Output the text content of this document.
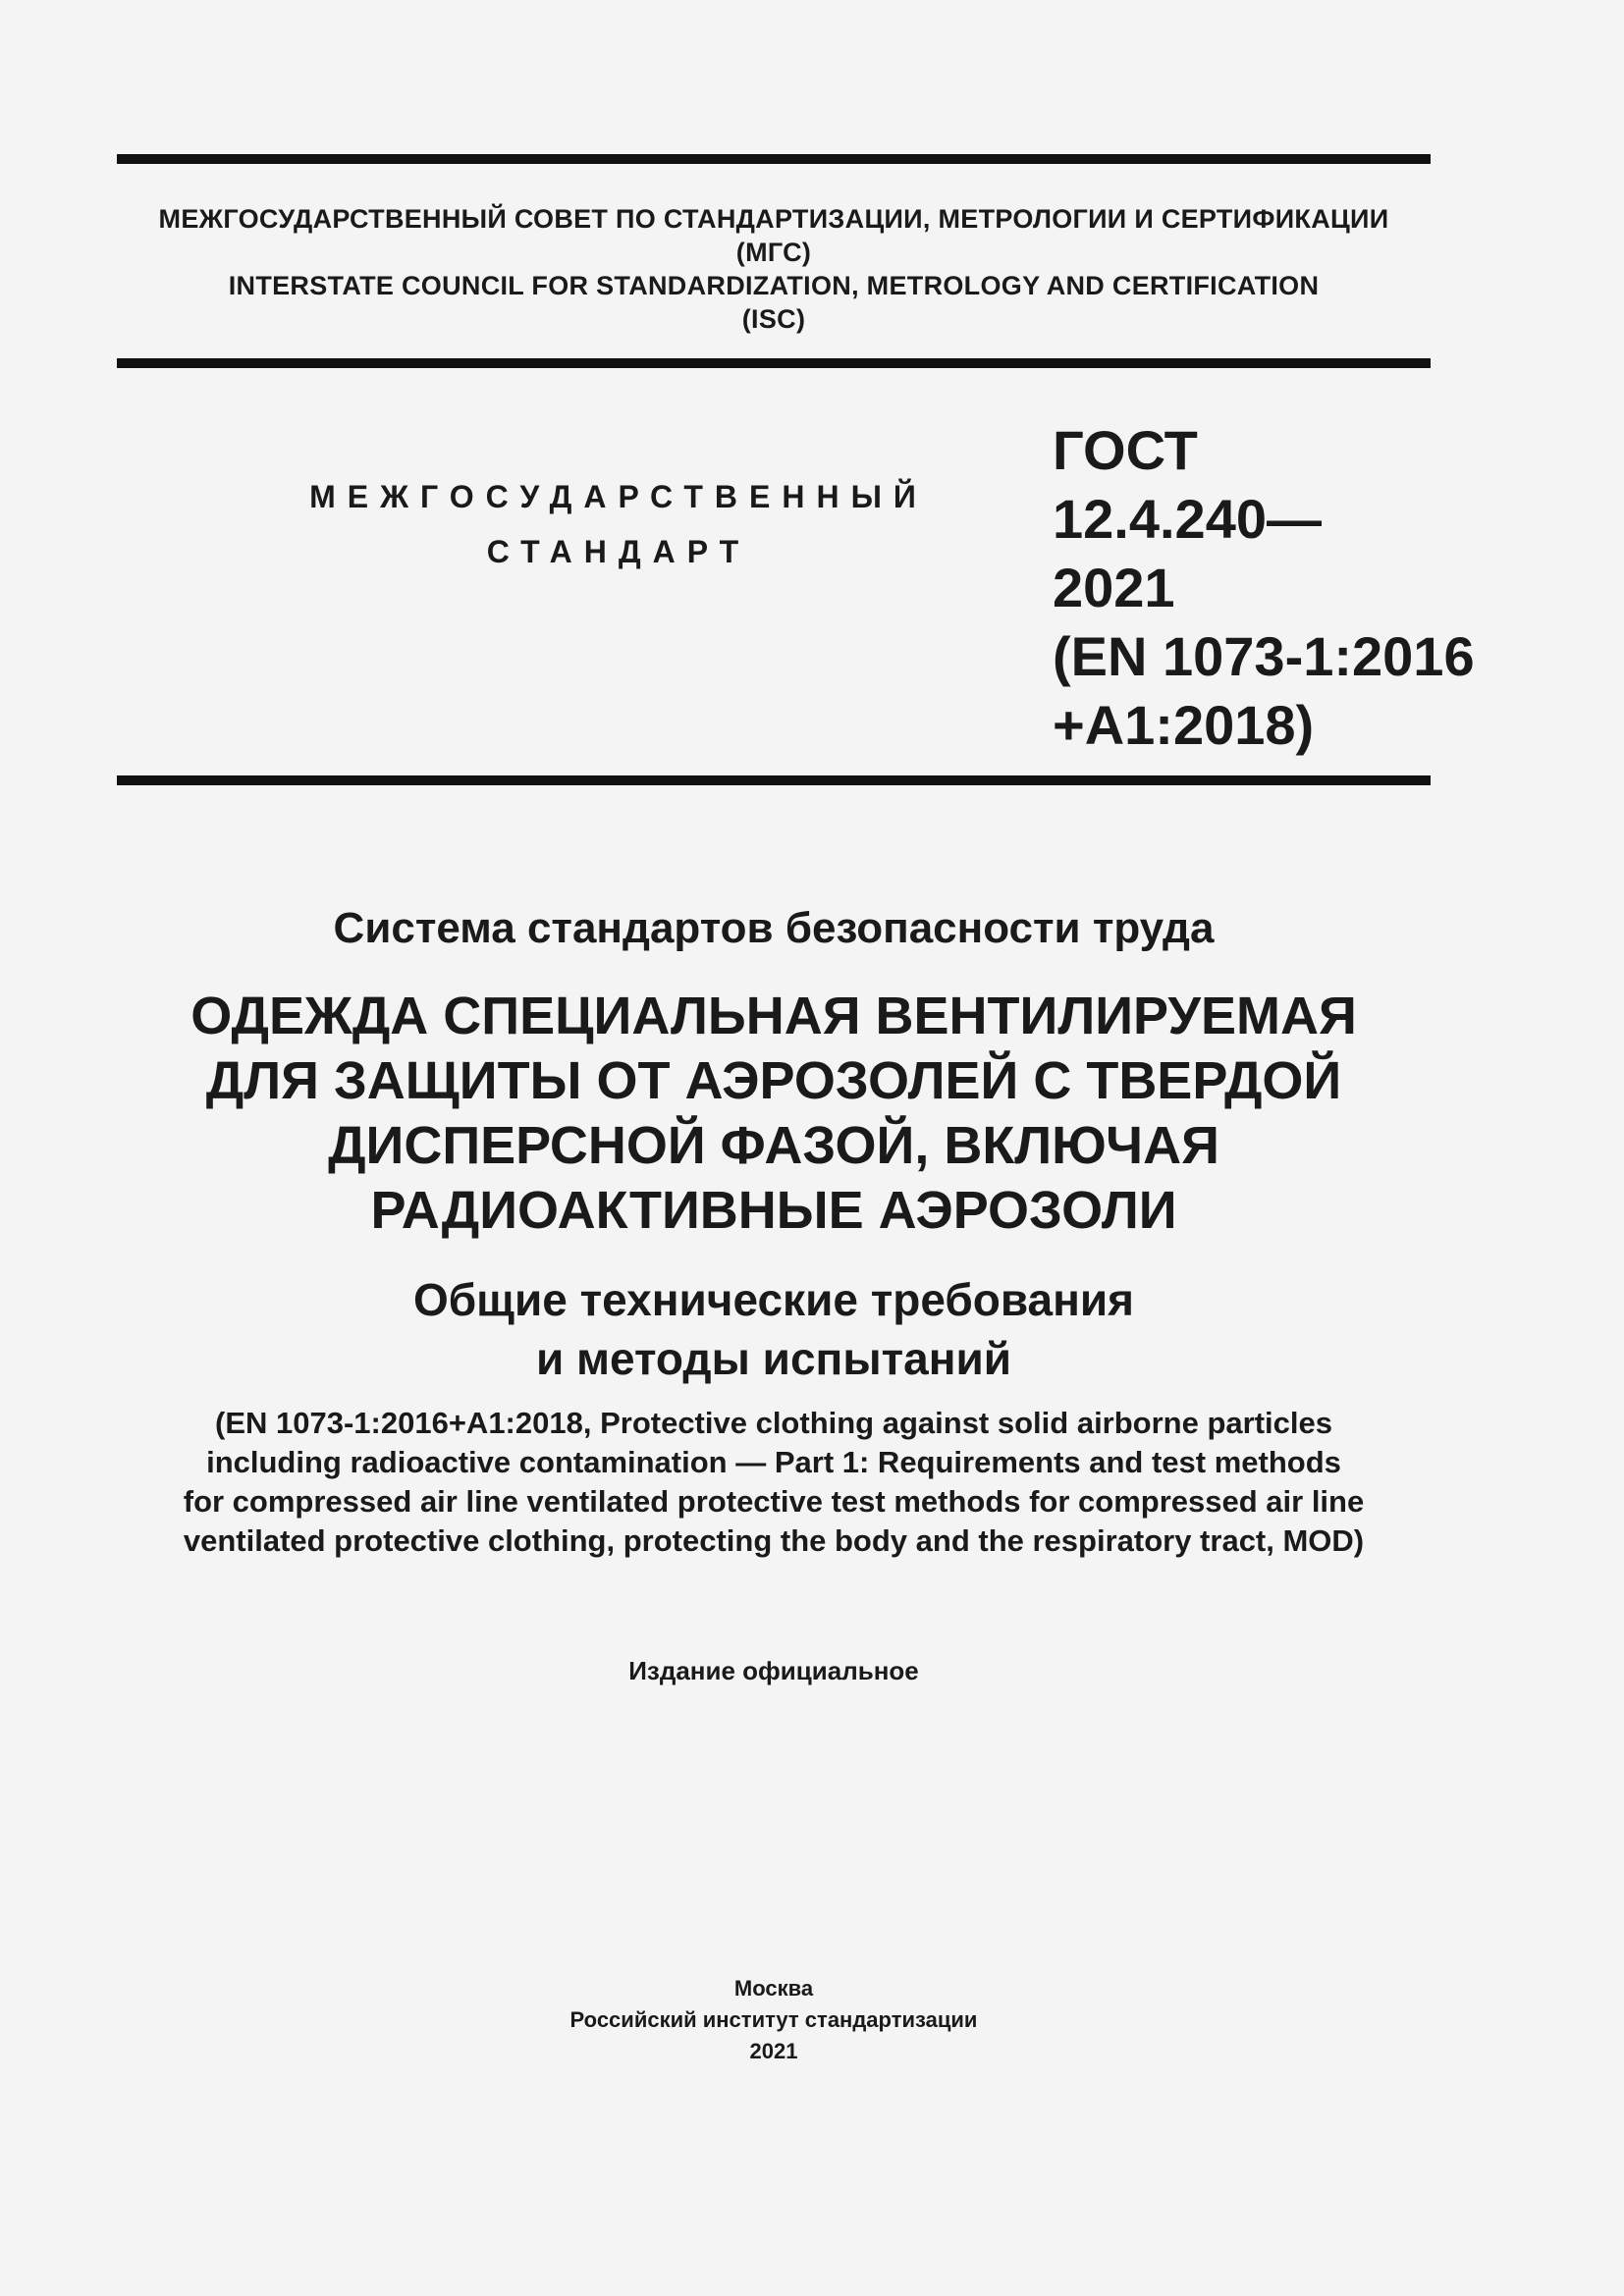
МЕЖГОСУДАРСТВЕННЫЙ СОВЕТ ПО СТАНДАРТИЗАЦИИ, МЕТРОЛОГИИ И СЕРТИФИКАЦИИ
(МГС)
INTERSTATE COUNCIL FOR STANDARDIZATION, METROLOGY AND CERTIFICATION
(ISC)
МЕЖГОСУДАРСТВЕННЫЙ
СТАНДАРТ
ГОСТ
12.4.240—
2021
(EN 1073-1:2016
+A1:2018)
Система стандартов безопасности труда
ОДЕЖДА СПЕЦИАЛЬНАЯ ВЕНТИЛИРУЕМАЯ
ДЛЯ ЗАЩИТЫ ОТ АЭРОЗОЛЕЙ С ТВЕРДОЙ
ДИСПЕРСНОЙ ФАЗОЙ, ВКЛЮЧАЯ
РАДИОАКТИВНЫЕ АЭРОЗОЛИ
Общие технические требования
и методы испытаний
(EN 1073-1:2016+A1:2018, Protective clothing against solid airborne particles
including radioactive contamination — Part 1: Requirements and test methods
for compressed air line ventilated protective test methods for compressed air line
ventilated protective clothing, protecting the body and the respiratory tract, MOD)
Издание официальное
Москва
Российский институт стандартизации
2021
